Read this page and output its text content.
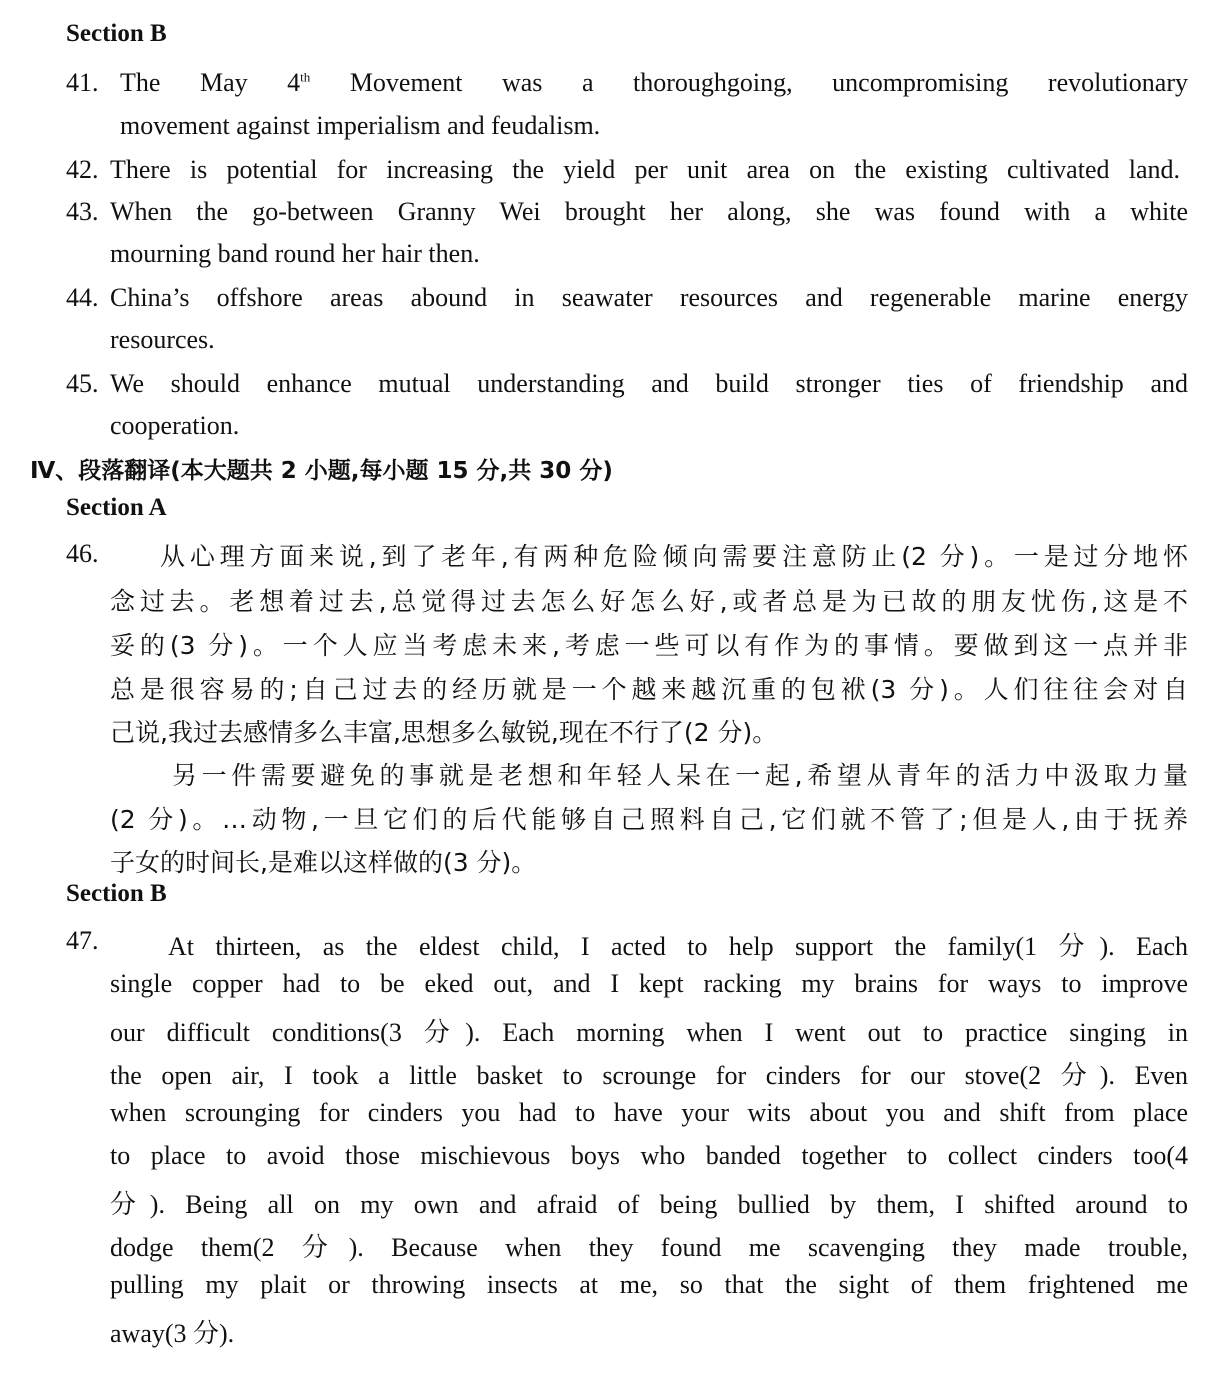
Section B
41. The May 4th Movement was a thoroughgoing, uncompromising revolutionary
movement against imperialism and feudalism.
42. There is potential for increasing the yield per unit area on the existing cultivated land.
43. When the go-between Granny Wei brought her along, she was found with a white
mourning band round her hair then.
44. China’s offshore areas abound in seawater resources and regenerable marine energy
resources.
45. We should enhance mutual understanding and build stronger ties of friendship and
cooperation.
Ⅳ、段落翻译(本大题共 2 小题,每小题 15 分,共 30 分)
Section A
46. 从心理方面来说,到了老年,有两种危险倾向需要注意防止(2 分)。一是过分地怀
念过去。老想着过去,总觉得过去怎么好怎么好,或者总是为已故的朋友忧伤,这是不
妥的(3 分)。一个人应当考虑未来,考虑一些可以有作为的事情。要做到这一点并非
总是很容易的;自己过去的经历就是一个越来越沉重的包袱(3 分)。人们往往会对自
己说,我过去感情多么丰富,思想多么敏锐,现在不行了(2 分)。
另一件需要避免的事就是老想和年轻人呆在一起,希望从青年的活力中汲取力量
(2 分)。…动物,一旦它们的后代能够自己照料自己,它们就不管了;但是人,由于抚养
子女的时间长,是难以这样做的(3 分)。
Section B
47.	At thirteen, as the eldest child, I acted to help support the family(1 分). Each
single copper had to be eked out, and I kept racking my brains for ways to improve
our difficult conditions(3 分). Each morning when I went out to practice singing in
the open air, I took a little basket to scrounge for cinders for our stove(2 分). Even
when scrounging for cinders you had to have your wits about you and shift from place
to place to avoid those mischievous boys who banded together to collect cinders too(4
分). Being all on my own and afraid of being bullied by them, I shifted around to
dodge them(2 分). Because when they found me scavenging they made trouble,
pulling my plait or throwing insects at me, so that the sight of them frightened me
away(3 分).
